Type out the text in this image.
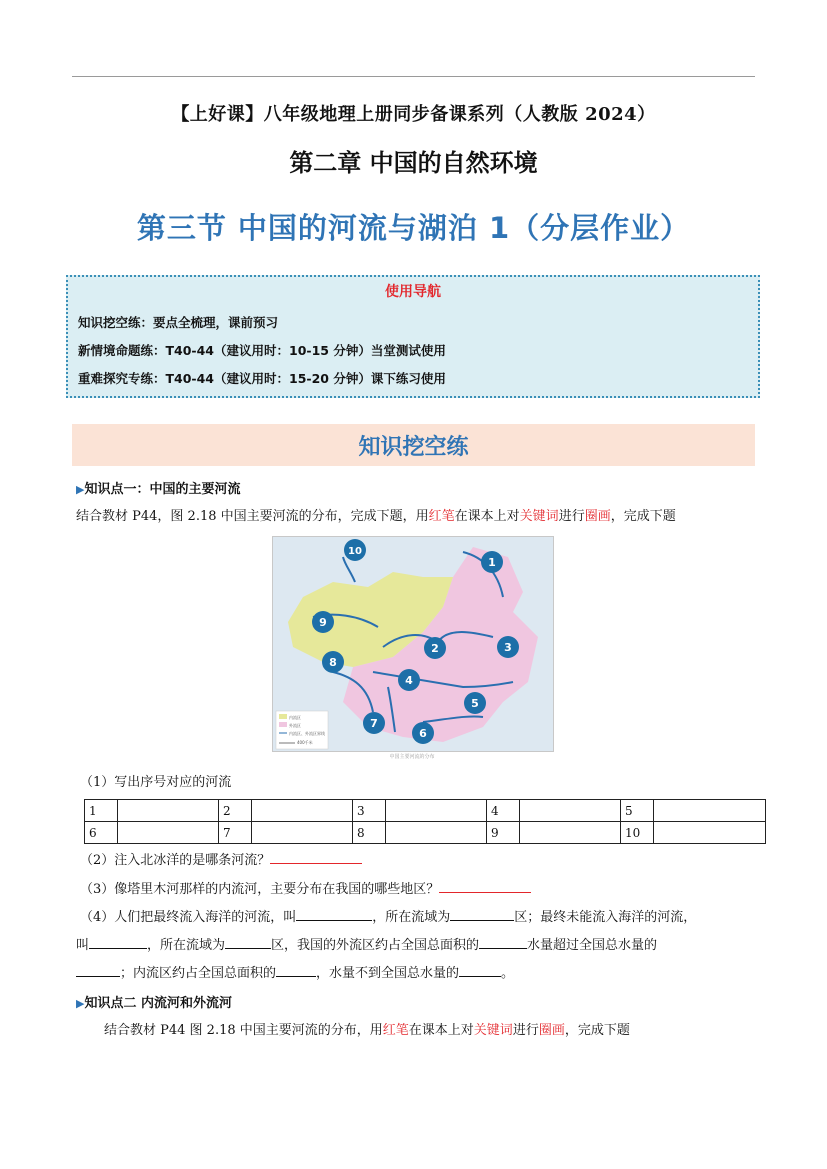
【上好课】八年级地理上册同步备课系列（人教版 2024）
第二章 中国的自然环境
第三节 中国的河流与湖泊 1（分层作业）
使用导航
知识挖空练：要点全梳理，课前预习
新情境命题练：T40-44（建议用时：10-15 分钟）当堂测试使用
重难探究专练：T40-44（建议用时：15-20 分钟）课下练习使用
知识挖空练
▶知识点一：中国的主要河流
结合教材 P44，图 2.18 中国主要河流的分布，完成下题，用红笔在课本上对关键词进行圈画，完成下题
10
1
9
2	3
8
4
5
7
6
内流区
外流区
内流区、外流区界线
400千米
中国主要河流的分布
（1）写出序号对应的河流
1		2		3		4		5	
6		7		8		9		10	
（2）注入北冰洋的是哪条河流？
（3）像塔里木河那样的内流河，主要分布在我国的哪些地区？
（4）人们把最终流入海洋的河流，叫	，所在流域为	区；最终未能流入海洋的河流，
叫	，所在流域为	区，我国的外流区约占全国总面积的	水量超过全国总水量的
；内流区约占全国总面积的	，水量不到全国总水量的	。
▶知识点二 内流河和外流河
结合教材 P44 图 2.18 中国主要河流的分布，用红笔在课本上对关键词进行圈画，完成下题
